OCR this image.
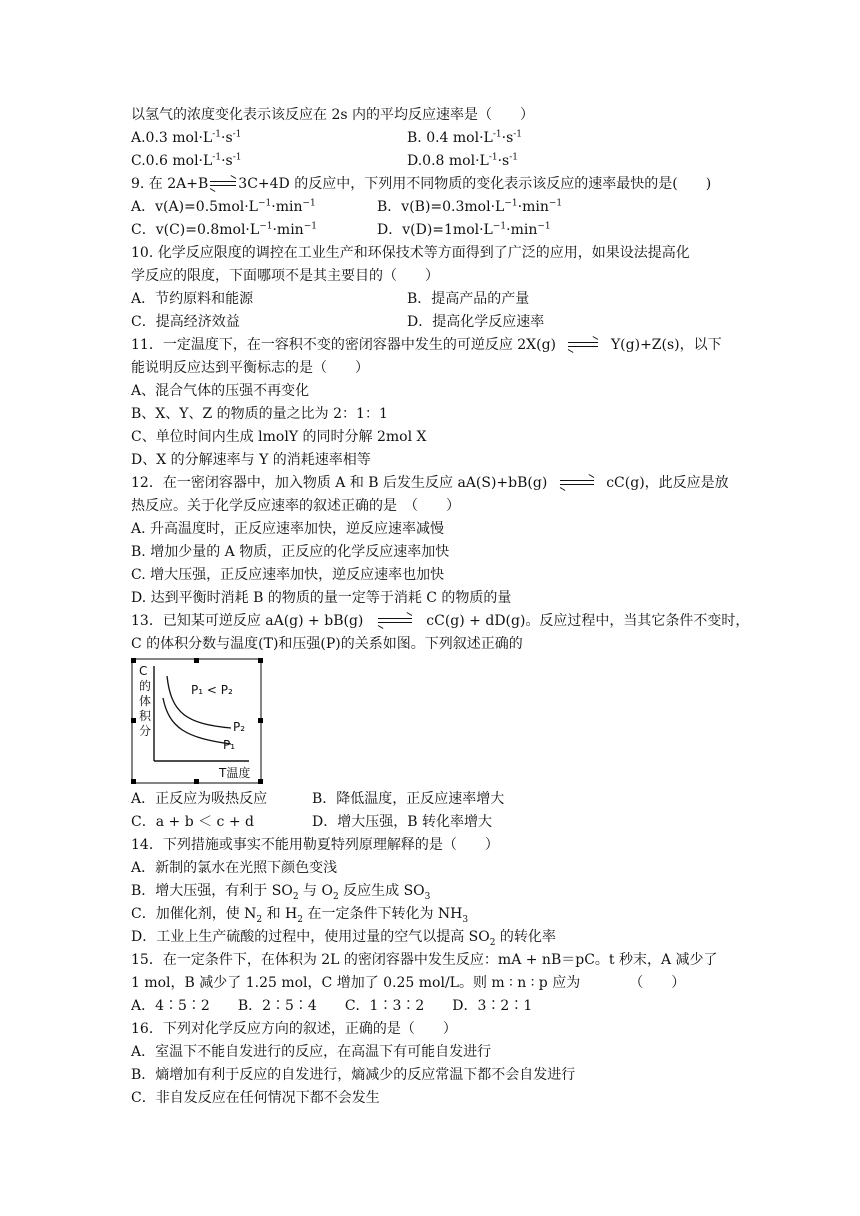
以氢气的浓度变化表示该反应在 2s 内的平均反应速率是（　　）
A.0.3 $mol\cdot L^{-1}\cdot s^{-1}$	B. 0.4 $mol\cdot L^{-1}\cdot s^{-1}$
C.0.6 $mol\cdot L^{-1}\cdot s^{-1}$	D.0.8 $mol\cdot L^{-1}\cdot s^{-1}$
9. 在 2A+B 3C+4D 的反应中，下列用不同物质的变化表示该反应的速率最快的是(　　)
A．$v(A)=0.5mol\cdot L^{-1}\cdot\min^{-1}$	B．$v(B)=0.3mol\cdot L^{-1}\cdot\min^{-1}$
C．$v(C)=0.8mol\cdot L^{-1}\cdot\min^{-1}$	D．$v(D)=1mol\cdot L^{-1}\cdot\min^{-1}$
10. 化学反应限度的调控在工业生产和环保技术等方面得到了广泛的应用，如果设法提高化
学反应的限度，下面哪项不是其主要目的（　　）
A．节约原料和能源	B．提高产品的产量
C．提高经济效益	D．提高化学反应速率
11．一定温度下，在一容积不变的密闭容器中发生的可逆反应 2X(g)	Y(g)+Z(s)，以下
能说明反应达到平衡标志的是（　　）
A、混合气体的压强不再变化
B、X、Y、Z 的物质的量之比为 2：1：1
C、单位时间内生成 lmolY 的同时分解 2mol X
D、X 的分解速率与 Y 的消耗速率相等
12．在一密闭容器中，加入物质 A 和 B 后发生反应 aA(S)+bB(g)	cC(g)，此反应是放
热反应。关于化学反应速率的叙述正确的是　（　　）
A. 升高温度时，正反应速率加快，逆反应速率减慢
B. 增加少量的 A 物质，正反应的化学反应速率加快
C. 增大压强，正反应速率加快，逆反应速率也加快
D. 达到平衡时消耗 B 的物质的量一定等于消耗 C 的物质的量
13．已知某可逆反应 aA(g) + bB(g)	cC(g) + dD(g)。反应过程中，当其它条件不变时，
C 的体积分数与温度(T)和压强(P)的关系如图。下列叙述正确的
C
的
体
积
分
P₁ < P₂
P₂
P₁
T温度
A．正反应为吸热反应	B．降低温度，正反应速率增大
C．a + b ＜ c + d	D．增大压强，B 转化率增大
14．下列措施或事实不能用勒夏特列原理解释的是（　　）
A．新制的氯水在光照下颜色变浅
B．增大压强，有利于 $SO_2$ 与 $O_2$ 反应生成 $SO_3$
C．加催化剂，使 $N_2$ 和 $H_2$ 在一定条件下转化为 $NH_3$
D．工业上生产硫酸的过程中，使用过量的空气以提高 $SO_2$ 的转化率
15．在一定条件下，在体积为 2L 的密闭容器中发生反应：mA + nB＝pC。t 秒末，A 减少了
1 mol，B 减少了 1.25 mol，C 增加了 0.25 mol/L。则 m ∶ n ∶ p 应为　　　　（　　）
A．4∶5∶2　　B．2∶5∶4　　C．1∶3∶2　　D．3∶2∶1
16．下列对化学反应方向的叙述，正确的是（　　）
A．室温下不能自发进行的反应，在高温下有可能自发进行
B．熵增加有利于反应的自发进行，熵减少的反应常温下都不会自发进行
C．非自发反应在任何情况下都不会发生
